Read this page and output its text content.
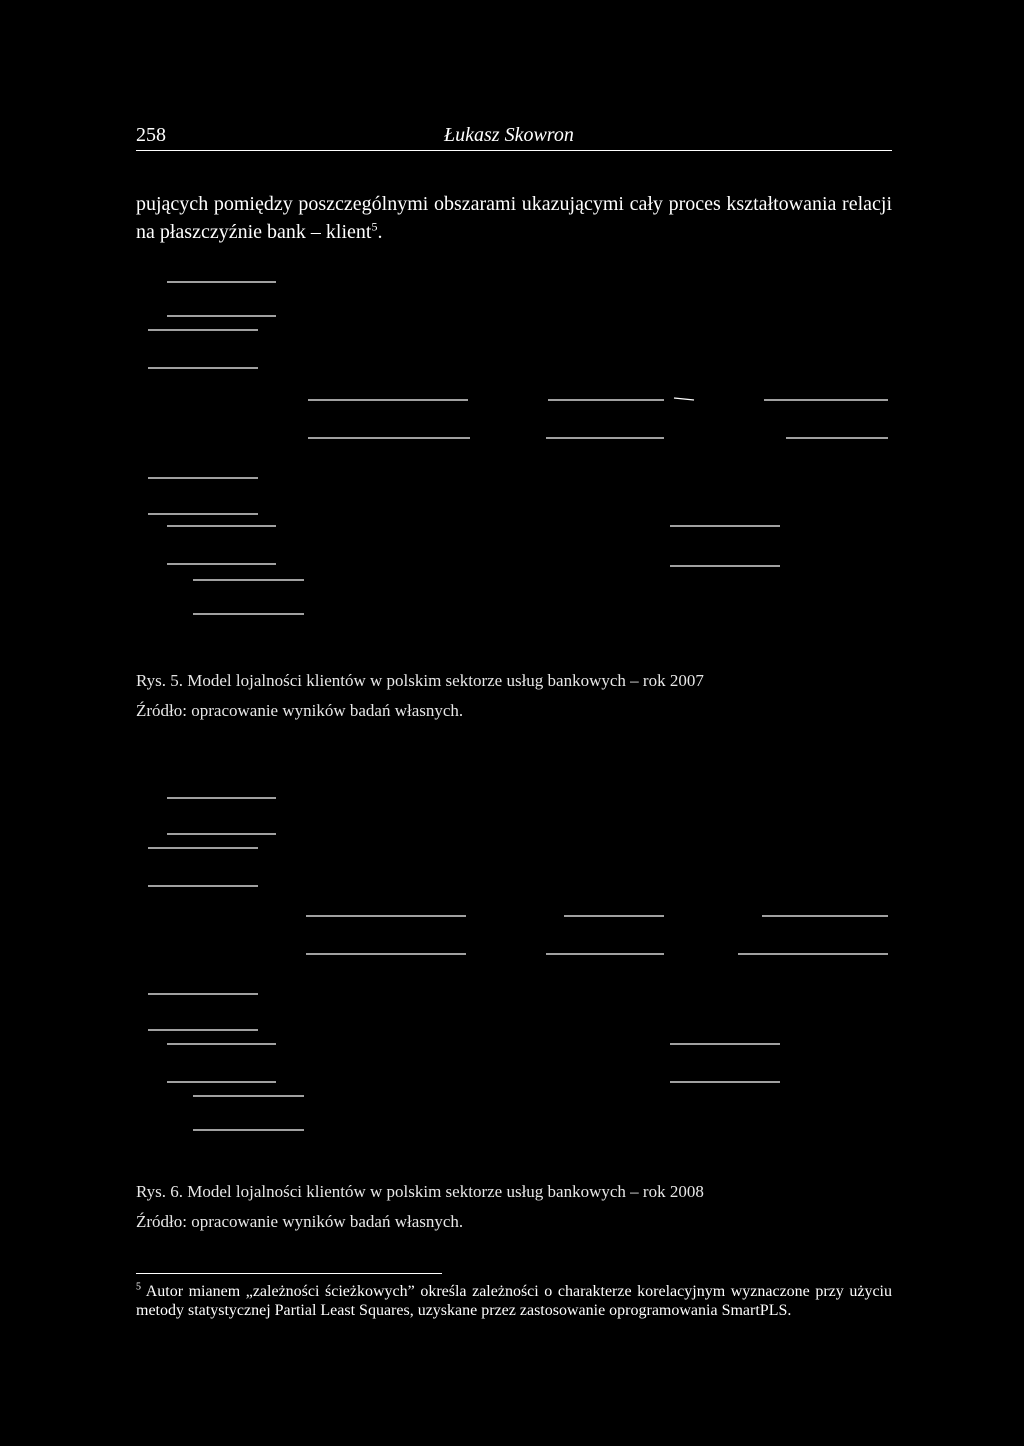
258	Łukasz Skowron
pujących pomiędzy poszczególnymi obszarami ukazującymi cały proces kształtowania relacji na płaszczyźnie bank – klient$^5$.
Rys. 5. Model lojalności klientów w polskim sektorze usług bankowych – rok 2007
Źródło: opracowanie wyników badań własnych.
Rys. 6. Model lojalności klientów w polskim sektorze usług bankowych – rok 2008
Źródło: opracowanie wyników badań własnych.
$^5$ Autor mianem „zależności ścieżkowych” określa zależności o charakterze korelacyjnym wyznaczone przy użyciu metody statystycznej Partial Least Squares, uzyskane przez zastosowanie oprogramowania SmartPLS.
